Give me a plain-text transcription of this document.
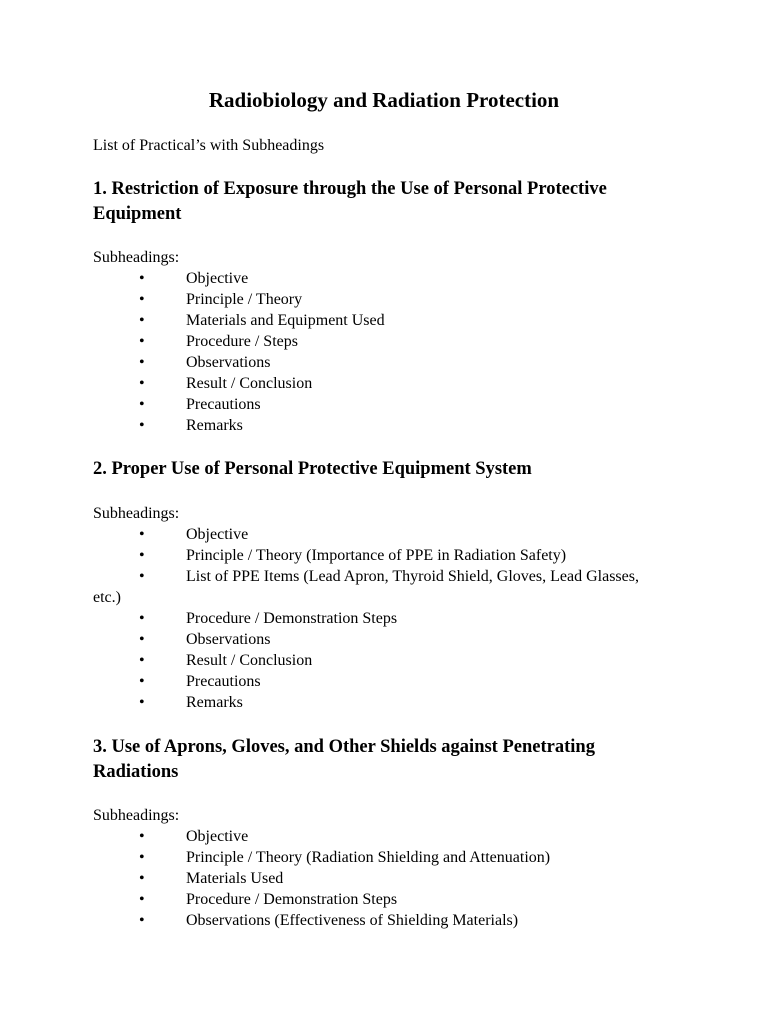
Radiobiology and Radiation Protection

List of Practical’s with Subheadings

1. Restriction of Exposure through the Use of Personal Protective
Equipment

Subheadings:

•	Objective
•	Principle / Theory
•	Materials and Equipment Used
•	Procedure / Steps
•	Observations
•	Result / Conclusion
•	Precautions
•	Remarks
2. Proper Use of Personal Protective Equipment System

Subheadings:

•	Objective
•	Principle / Theory (Importance of PPE in Radiation Safety)
•	List of PPE Items (Lead Apron, Thyroid Shield, Gloves, Lead Glasses, etc.)
•	Procedure / Demonstration Steps
•	Observations
•	Result / Conclusion
•	Precautions
•	Remarks
3. Use of Aprons, Gloves, and Other Shields against Penetrating
Radiations

Subheadings:

•	Objective
•	Principle / Theory (Radiation Shielding and Attenuation)
•	Materials Used
•	Procedure / Demonstration Steps
•	Observations (Effectiveness of Shielding Materials)
